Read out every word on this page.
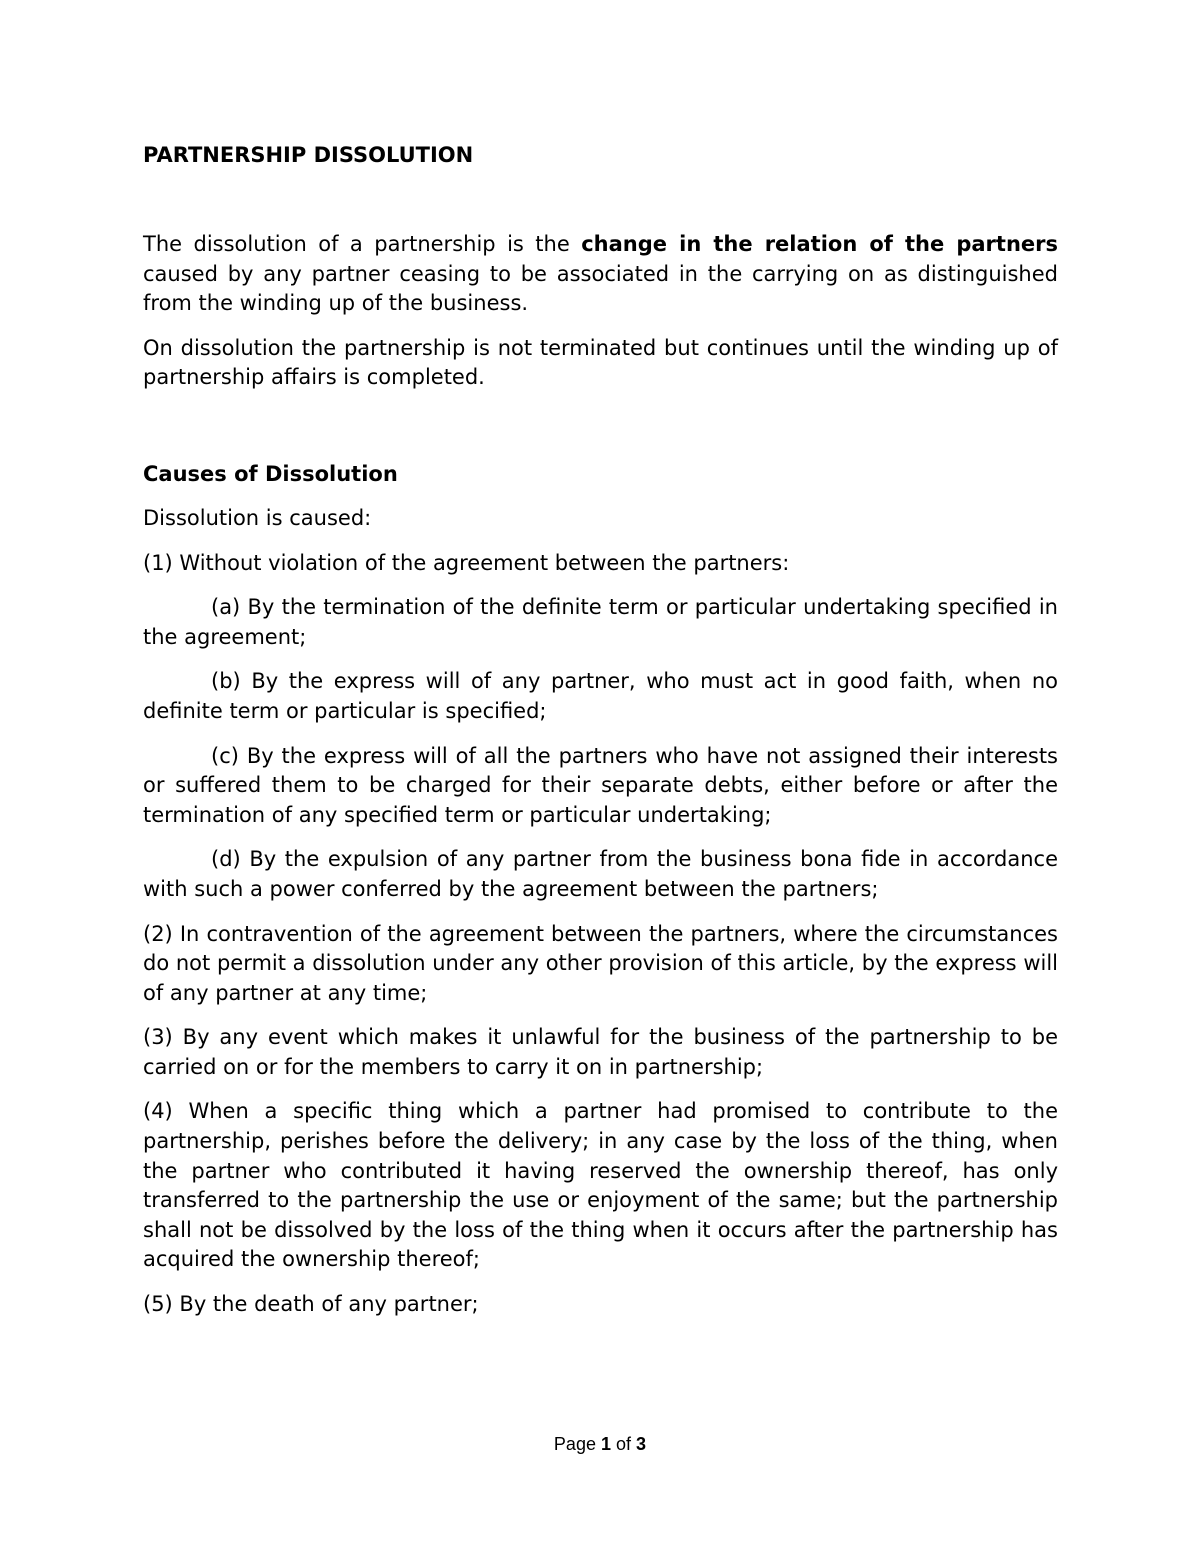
PARTNERSHIP DISSOLUTION

The dissolution of a partnership is the change in the relation of the partners caused by any partner ceasing to be associated in the carrying on as distinguished from the winding up of the business.

On dissolution the partnership is not terminated but continues until the winding up of partnership affairs is completed.

Causes of Dissolution

Dissolution is caused:

(1) Without violation of the agreement between the partners:

(a) By the termination of the definite term or particular undertaking specified in the agreement;

(b) By the express will of any partner, who must act in good faith, when no definite term or particular is specified;

(c) By the express will of all the partners who have not assigned their interests or suffered them to be charged for their separate debts, either before or after the termination of any specified term or particular undertaking;

(d) By the expulsion of any partner from the business bona fide in accordance with such a power conferred by the agreement between the partners;

(2) In contravention of the agreement between the partners, where the circumstances do not permit a dissolution under any other provision of this article, by the express will of any partner at any time;

(3) By any event which makes it unlawful for the business of the partnership to be carried on or for the members to carry it on in partnership;

(4) When a specific thing which a partner had promised to contribute to the partnership, perishes before the delivery; in any case by the loss of the thing, when the partner who contributed it having reserved the ownership thereof, has only transferred to the partnership the use or enjoyment of the same; but the partnership shall not be dissolved by the loss of the thing when it occurs after the partnership has acquired the ownership thereof;

(5) By the death of any partner;

Page 1 of 3
